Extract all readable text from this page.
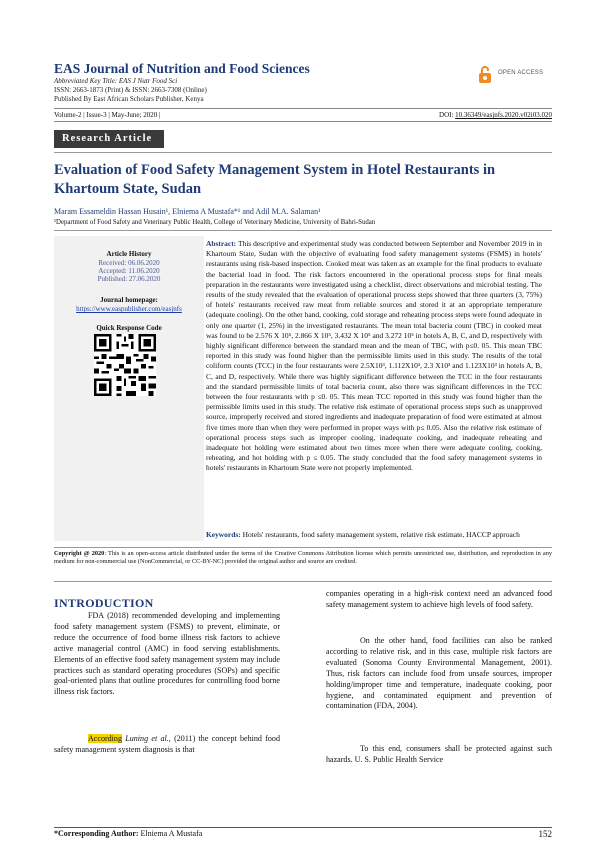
EAS Journal of Nutrition and Food Sciences
Abbreviated Key Title: EAS J Nutr Food Sci
ISSN: 2663-1873 (Print) & ISSN: 2663-7308 (Online)
Published By East African Scholars Publisher, Kenya
OPEN ACCESS
Volume-2 | Issue-3 | May-June; 2020 |	DOI: 10.36349/easjnfs.2020.v02i03.020
Research Article
Evaluation of Food Safety Management System in Hotel Restaurants in Khartoum State, Sudan
Maram Essameldin Hassan Husain¹, Elniema A Mustafa*¹ and Adil M.A. Salaman¹
¹Department of Food Safety and Veterinary Public Health, College of Veterinary Medicine, University of Bahri-Sudan
Article History
Received: 06.06.2020
Accepted: 11.06.2020
Published: 27.06.2020
Journal homepage:
https://www.easpublisher.com/easjnfs
Quick Response Code
Abstract: This descriptive and experimental study was conducted between September and November 2019 in in Khartoum State, Sudan with the objective of evaluating food safety management systems (FSMS) in hotels' restaurants using risk-based inspection. Cooked meat was taken as an example for the final products to evaluate the bacterial load in food. The risk factors encountered in the operational process steps for final meals preparation in the restaurants were investigated using a checklist, direct observations and microbial testing. The results of the study revealed that the evaluation of operational process steps showed that three quarters (3, 75%) of hotels' restaurants received raw meat from reliable sources and stored it at an appropriate temperature (adequate cooling). On the other hand, cooking, cold storage and reheating process steps were found adequate in only one quarter (1, 25%) in the investigated restaurants. The mean total bacteria count (TBC) in cooked meat was found to be 2.576 X 10⁵, 2.866 X 10⁵, 3.432 X 10⁵ and 3.272 10⁵ in hotels A, B, C, and D, respectively with highly significant difference between the standard mean and the mean of TBC, with p≤0. 05. This mean TBC reported in this study was found higher than the permissible limits used in this study. The results of the total coliform counts (TCC) in the four restaurants were 2.5X10³, 1.112X10³, 2.3 X10³ and 1.123X10³ in hotels A, B, C, and D, respectively. While there was highly significant difference between the TCC in the four restaurants and the standard permissible limits of total bacteria count, also there was significant differences in the TCC between the four restaurants with p ≤0. 05. This mean TCC reported in this study was found higher than the permissible limits used in this study. The relative risk estimate of operational process steps such as unapproved source, improperly received and stored ingredients and inadequate preparation of food were estimated at almost five times more than when they were performed in proper ways with p≤ 0.05. Also the relative risk estimate of operational process steps such as improper cooling, inadequate cooking, and inadequate reheating and inadequate hot holding were estimated about two times more when there were adequate cooling, cooking, reheating, and hot holding with p ≤ 0.05. The study concluded that the food safety management systems in hotels' restaurants in Khartoum State were not properly implemented.
Keywords: Hotels' restaurants, food safety management system, relative risk estimate, HACCP approach
Copyright @ 2020: This is an open-access article distributed under the terms of the Creative Commons Attribution license which permits unrestricted use, distribution, and reproduction in any medium for non-commercial use (NonCommercial, or CC-BY-NC) provided the original author and source are credited.
INTRODUCTION

FDA (2018) recommended developing and implementing food safety management system (FSMS) to prevent, eliminate, or reduce the occurrence of food borne illness risk factors to achieve active managerial control (AMC) in food serving establishments. Elements of an effective food safety management system may include practices such as standard operating procedures (SOPs) and specific goal-oriented plans that outline procedures for controlling food borne illness risk factors.

According Luning et al., (2011) the concept behind food safety management system diagnosis is that

companies operating in a high-risk context need an advanced food safety management system to achieve high levels of food safety.

On the other hand, food facilities can also be ranked according to relative risk, and in this case, multiple risk factors are evaluated (Sonoma County Environmental Management, 2001). Thus, risk factors can include food from unsafe sources, improper holding/improper time and temperature, inadequate cooking, poor hygiene, and contaminated equipment and prevention of contamination (FDA, 2004).

To this end, consumers shall be protected against such hazards. U. S. Public Health Service

*Corresponding Author: Elniema A Mustafa	152
